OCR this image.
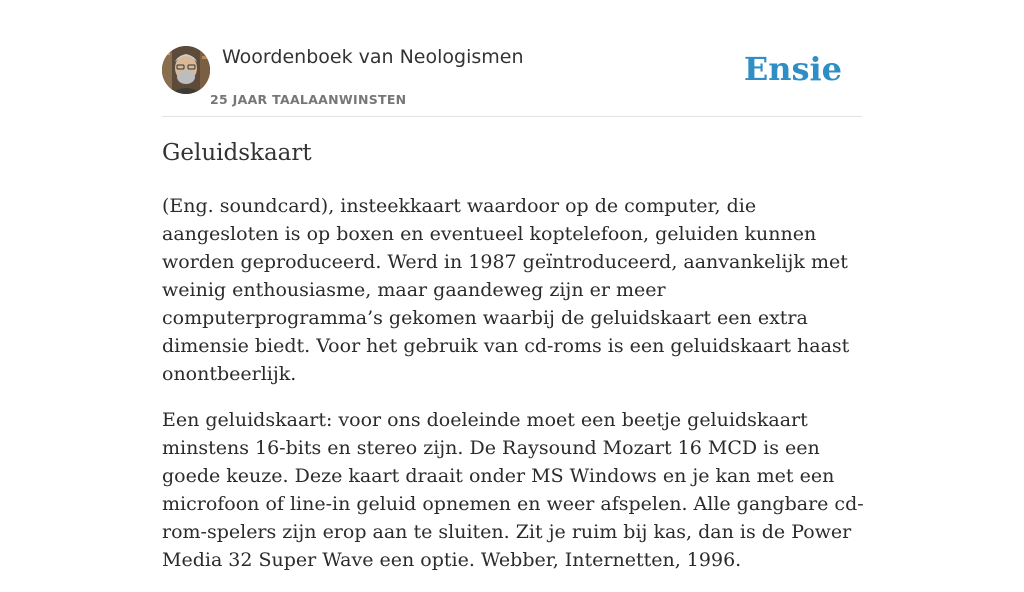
Woordenboek van Neologismen
25 JAAR TAALAANWINSTEN
Ensie
Geluidskaart

(Eng. soundcard), insteekkaart waardoor op de computer, die aangesloten is op boxen en eventueel koptelefoon, geluiden kunnen worden geproduceerd. Werd in 1987 geïntroduceerd, aanvankelijk met weinig enthousiasme, maar gaandeweg zijn er meer computerprogramma’s gekomen waarbij de geluidskaart een extra dimensie biedt. Voor het gebruik van cd-roms is een geluidskaart haast onontbeerlijk.

Een geluidskaart: voor ons doeleinde moet een beetje geluidskaart minstens 16-bits en stereo zijn. De Raysound Mozart 16 MCD is een goede keuze. Deze kaart draait onder MS Windows en je kan met een microfoon of line-in geluid opnemen en weer afspelen. Alle gangbare cd-rom-spelers zijn erop aan te sluiten. Zit je ruim bij kas, dan is de Power Media 32 Super Wave een optie. Webber, Internetten, 1996.
